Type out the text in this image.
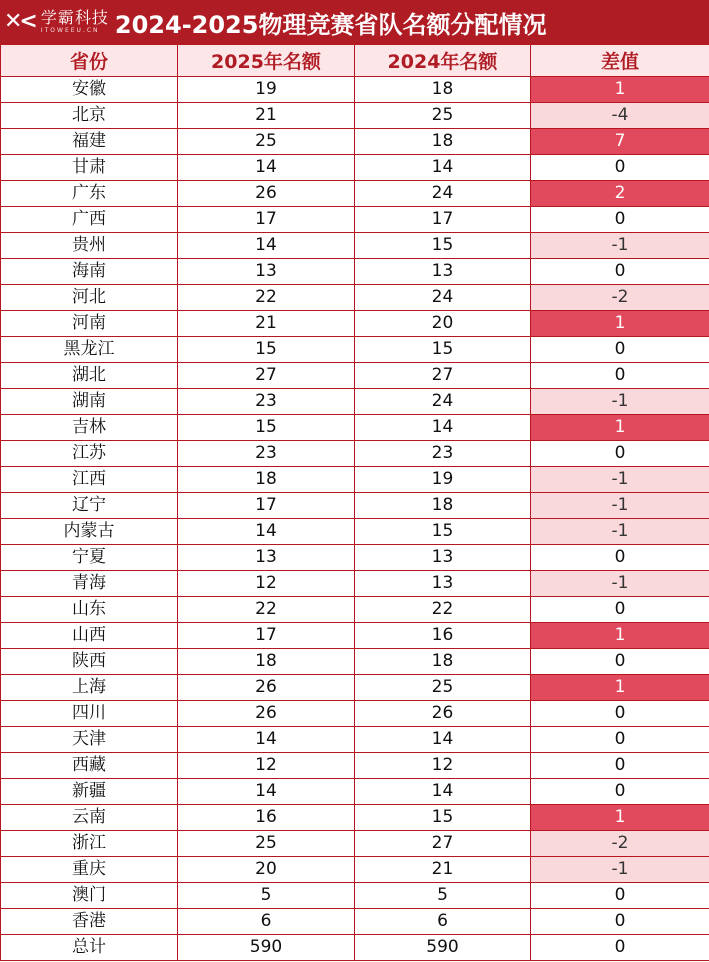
✕< 学霸科技
ITOWEEU.CN 2024-2025物理竞赛省队名额分配情况
省份	2025年名额	2024年名额	差值
安徽	19	18	1
北京	21	25	-4
福建	25	18	7
甘肃	14	14	0
广东	26	24	2
广西	17	17	0
贵州	14	15	-1
海南	13	13	0
河北	22	24	-2
河南	21	20	1
黑龙江	15	15	0
湖北	27	27	0
湖南	23	24	-1
吉林	15	14	1
江苏	23	23	0
江西	18	19	-1
辽宁	17	18	-1
内蒙古	14	15	-1
宁夏	13	13	0
青海	12	13	-1
山东	22	22	0
山西	17	16	1
陕西	18	18	0
上海	26	25	1
四川	26	26	0
天津	14	14	0
西藏	12	12	0
新疆	14	14	0
云南	16	15	1
浙江	25	27	-2
重庆	20	21	-1
澳门	5	5	0
香港	6	6	0
总计	590	590	0
